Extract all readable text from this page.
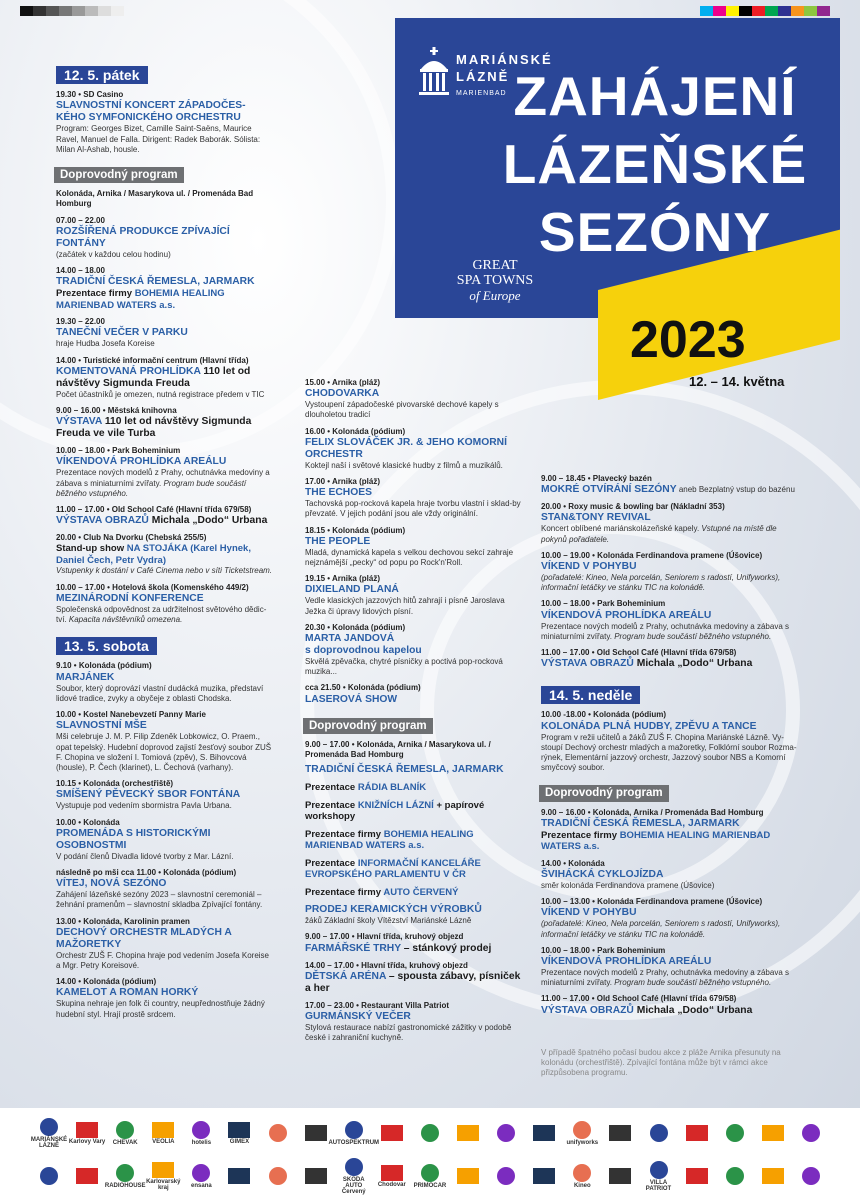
MARIÁNSKÉ
LÁZNĚ
MARIENBAD ZAHÁJENÍ
LÁZEŇSKÉ
SEZÓNY
GREAT
SPA TOWNS
of Europe
2023
12. – 14. května
12. 5. pátek
19.30 • SD Casino
SLAVNOSTNÍ KONCERT ZÁPADOČES-KÉHO SYMFONICKÉHO ORCHESTRU
Program: Georges Bizet, Camille Saint-Saëns, Maurice Ravel, Manuel de Falla. Dirigent: Radek Baborák. Sólista: Milan Al-Ashab, housle.
Doprovodný program
Kolonáda, Arnika / Masarykova ul. / Promenáda Bad Homburg
07.00 – 22.00
ROZŠÍŘENÁ PRODUKCE ZPÍVAJÍCÍ FONTÁNY
(začátek v každou celou hodinu)
14.00 – 18.00
TRADIČNÍ ČESKÁ ŘEMESLA, JARMARK
Prezentace firmy BOHEMIA HEALING MARIENBAD WATERS a.s.
19.30 – 22.00
TANEČNÍ VEČER V PARKU
hraje Hudba Josefa Koreise
14.00 • Turistické informační centrum (Hlavní třída)
KOMENTOVANÁ PROHLÍDKA 110 let od návštěvy Sigmunda Freuda
Počet účastníků je omezen, nutná registrace předem v TIC
9.00 – 16.00 • Městská knihovna
VÝSTAVA 110 let od návštěvy Sigmunda Freuda ve vile Turba
10.00 – 18.00 • Park Boheminium
VÍKENDOVÁ PROHLÍDKA AREÁLU
Prezentace nových modelů z Prahy, ochutnávka medoviny a zábava s miniaturními zvířaty. Program bude součástí běžného vstupného.
11.00 – 17.00 • Old School Café (Hlavní třída 679/58)
VÝSTAVA OBRAZŮ Michala „Dodo“ Urbana
20.00 • Club Na Dvorku (Chebská 255/5)
Stand-up show NA STOJÁKA (Karel Hynek, Daniel Čech, Petr Vydra)
Vstupenky k dostání v Café Cinema nebo v síti Ticketstream.
10.00 – 17.00 • Hotelová škola (Komenského 449/2)
MEZINÁRODNÍ KONFERENCE
Společenská odpovědnost za udržitelnost světového dědic-tví. Kapacita návštěvníků omezena.
13. 5. sobota
9.10 • Kolonáda (pódium)
MARJÁNEK
Soubor, který doprovází vlastní dudácká muzika, představí lidové tradice, zvyky a obyčeje z oblasti Chodska.
10.00 • Kostel Nanebevzetí Panny Marie
SLAVNOSTNÍ MŠE
Mši celebruje J. M. P. Filip Zdeněk Lobkowicz, O. Praem., opat tepelský. Hudební doprovod zajistí žesťový soubor ZUŠ F. Chopina ve složení I. Tomiová (zpěv), S. Bihovcová (housle), P. Čech (klarinet), L. Čechová (varhany).
10.15 • Kolonáda (orchestřiště)
SMÍŠENÝ PĚVECKÝ SBOR FONTÁNA
Vystupuje pod vedením sbormistra Pavla Urbana.
10.00 • Kolonáda
PROMENÁDA S HISTORICKÝMI OSOBNOSTMI
V podání členů Divadla lidové tvorby z Mar. Lázní.
následně po mši cca 11.00 • Kolonáda (pódium)
VÍTEJ, NOVÁ SEZÓNO
Zahájení lázeňské sezóny 2023 – slavnostní ceremoniál – žehnání pramenům – slavnostní skladba Zpívající fontány.
13.00 • Kolonáda, Karolinin pramen
DECHOVÝ ORCHESTR MLADÝCH A MAŽORETKY
Orchestr ZUŠ F. Chopina hraje pod vedením Josefa Koreise a Mgr. Petry Koreisové.
14.00 • Kolonáda (pódium)
KAMELOT A ROMAN HORKÝ
Skupina nehraje jen folk či country, neupřednostňuje žádný hudební styl. Hrají prostě srdcem.
15.00 • Arnika (pláž)
CHODOVARKA
Vystoupení západočeské pivovarské dechové kapely s dlouholetou tradicí
16.00 • Kolonáda (pódium)
FELIX SLOVÁČEK JR. & JEHO KOMORNÍ ORCHESTR
Koktejl naší i světové klasické hudby z filmů a muzikálů.
17.00 • Arnika (pláž)
THE ECHOES
Tachovská pop-rocková kapela hraje tvorbu vlastní i sklad-by převzaté. V jejich podání jsou ale vždy originální.
18.15 • Kolonáda (pódium)
THE PEOPLE
Mladá, dynamická kapela s velkou dechovou sekcí zahraje nejznámější „pecky“ od popu po Rock'n'Roll.
19.15 • Arnika (pláž)
DIXIELAND PLANÁ
Vedle klasických jazzových hitů zahrají i písně Jaroslava Ježka či úpravy lidových písní.
20.30 • Kolonáda (pódium)
MARTA JANDOVÁ
s doprovodnou kapelou
Skvělá zpěvačka, chytré písničky a poctivá pop-rocková muzika...
cca 21.50 • Kolonáda (pódium)
LASEROVÁ SHOW
Doprovodný program
9.00 – 17.00 • Kolonáda, Arnika / Masarykova ul. / Promenáda Bad Homburg
TRADIČNÍ ČESKÁ ŘEMESLA, JARMARK
Prezentace RÁDIA BLANÍK
Prezentace KNIŽNÍCH LÁZNÍ + papírové workshopy
Prezentace firmy BOHEMIA HEALING MARIENBAD WATERS a.s.
Prezentace INFORMAČNÍ KANCELÁŘE EVROPSKÉHO PARLAMENTU V ČR
Prezentace firmy AUTO ČERVENÝ
PRODEJ KERAMICKÝCH VÝROBKŮ
žáků Základní školy Vítězství Mariánské Lázně
9.00 – 17.00 • Hlavní třída, kruhový objezd
FARMÁŘSKÉ TRHY – stánkový prodej
14.00 – 17.00 • Hlavní třída, kruhový objezd
DĚTSKÁ ARÉNA – spousta zábavy, písniček a her
17.00 – 23.00 • Restaurant Villa Patriot
GURMÁNSKÝ VEČER
Stylová restaurace nabízí gastronomické zážitky v podobě české i zahraniční kuchyně.
9.00 – 18.45 • Plavecký bazén
MOKRÉ OTVÍRÁNÍ SEZÓNY aneb Bezplatný vstup do bazénu
20.00 • Roxy music & bowling bar (Nákladní 353)
STAN&TONY REVIVAL
Koncert oblíbené mariánskolázeňské kapely. Vstupné na místě dle pokynů pořadatele.
10.00 – 19.00 • Kolonáda Ferdinandova pramene (Úšovice)
VÍKEND V POHYBU
(pořadatelé: Kineo, Nela porcelán, Seniorem s radostí, Unifyworks), informační letáčky ve stánku TIC na kolonádě.
10.00 – 18.00 • Park Boheminium
VÍKENDOVÁ PROHLÍDKA AREÁLU
Prezentace nových modelů z Prahy, ochutnávka medoviny a zábava s miniaturními zvířaty. Program bude součástí běžného vstupného.
11.00 – 17.00 • Old School Café (Hlavní třída 679/58)
VÝSTAVA OBRAZŮ Michala „Dodo“ Urbana
14. 5. neděle
10.00 -18.00 • Kolonáda (pódium)
KOLONÁDA PLNÁ HUDBY, ZPĚVU A TANCE
Program v režii učitelů a žáků ZUŠ F. Chopina Mariánské Lázně. Vy-stoupí Dechový orchestr mladých a mažoretky, Folklórní soubor Rozma-rýnek, Elementární jazzový orchestr, Jazzový soubor NBS a Komorní smyčcový soubor.
Doprovodný program
9.00 – 16.00 • Kolonáda, Arnika / Promenáda Bad Homburg
TRADIČNÍ ČESKÁ ŘEMESLA, JARMARK
Prezentace firmy BOHEMIA HEALING MARIENBAD WATERS a.s.
14.00 • Kolonáda
ŠVIHÁCKÁ CYKLOJÍZDA
směr kolonáda Ferdinandova pramene (Úšovice)
10.00 – 13.00 • Kolonáda Ferdinandova pramene (Úšovice)
VÍKEND V POHYBU
(pořadatelé: Kineo, Nela porcelán, Seniorem s radostí, Unifyworks), informační letáčky ve stánku TIC na kolonádě.
10.00 – 18.00 • Park Boheminium
VÍKENDOVÁ PROHLÍDKA AREÁLU
Prezentace nových modelů z Prahy, ochutnávka medoviny a zábava s miniaturními zvířaty. Program bude součástí běžného vstupného.
11.00 – 17.00 • Old School Café (Hlavní třída 679/58)
VÝSTAVA OBRAZŮ Michala „Dodo“ Urbana
V případě špatného počasí budou akce z pláže Arnika přesunuty na kolonádu (orchestřiště). Zpívající fontána může být v rámci akce přizpůsobena programu.
MARIÁNSKÉ LÁZNĚ
Karlovy Vary CHEVAK VEOLIA	hotelis	GIMEX	AUTOSPEKTRUM	unifyworks
RADIOHOUSE
Karlovarský kraj	ensana
SKODA AUTO Červený
Chodovar PRIMOCAR	Kineo	VILLA PATRIOT
